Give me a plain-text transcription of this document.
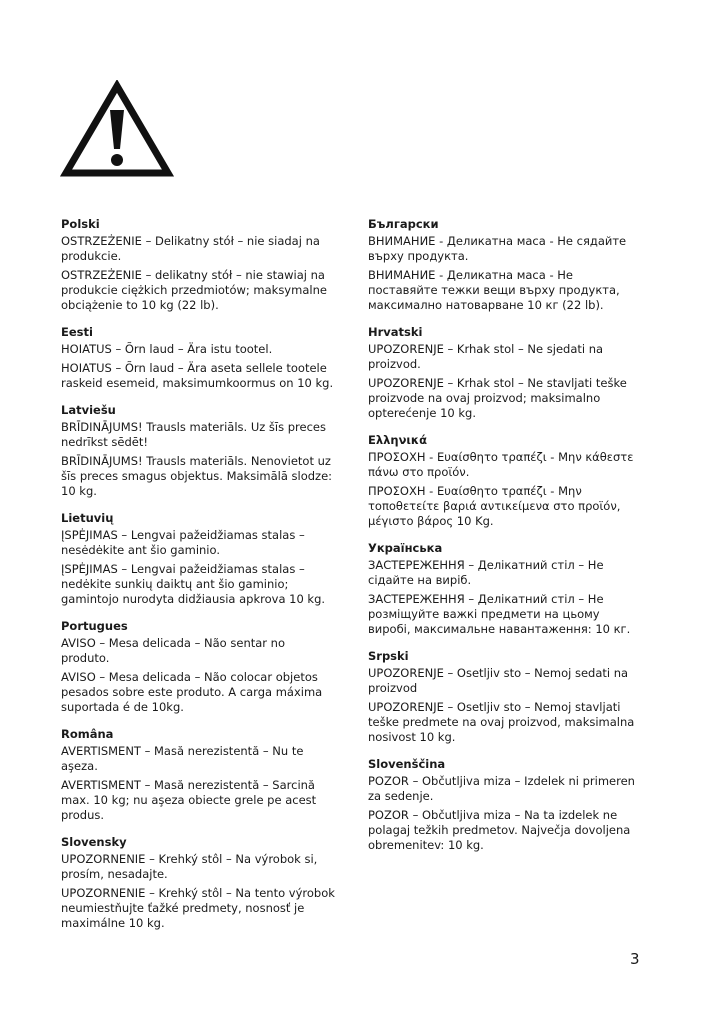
Polski
OSTRZEŻENIE – Delikatny stół – nie siadaj na produkcie.
OSTRZEŻENIE – delikatny stół – nie stawiaj na produkcie ciężkich przedmiotów; maksymalne obciążenie to 10 kg (22 lb).
Eesti
HOIATUS – Õrn laud – Ära istu tootel.
HOIATUS – Õrn laud – Ära aseta sellele tootele raskeid esemeid, maksimumkoormus on 10 kg.
Latviešu
BRĪDINĀJUMS! Trausls materiāls. Uz šīs preces nedrīkst sēdēt!
BRĪDINĀJUMS! Trausls materiāls. Nenovietot uz šīs preces smagus objektus. Maksimālā slodze: 10 kg.
Lietuvių
ĮSPĖJIMAS – Lengvai pažeidžiamas stalas – nesėdėkite ant šio gaminio.
ĮSPĖJIMAS – Lengvai pažeidžiamas stalas – nedėkite sunkių daiktų ant šio gaminio; gamintojo nurodyta didžiausia apkrova 10 kg.
Portugues
AVISO – Mesa delicada – Não sentar no produto.
AVISO – Mesa delicada – Não colocar objetos pesados sobre este produto. A carga máxima suportada é de 10kg.
Româna
AVERTISMENT – Masă nerezistentă – Nu te aşeza.
AVERTISMENT – Masă nerezistentă – Sarcină max. 10 kg; nu aşeza obiecte grele pe acest produs.
Slovensky
UPOZORNENIE – Krehký stôl – Na výrobok si, prosím, nesadajte.
UPOZORNENIE – Krehký stôl – Na tento výrobok neumiestňujte ťažké predmety, nosnosť je maximálne 10 kg.
Български
ВНИМАНИЕ - Деликатна маса - Не сядайте върху продукта.
ВНИМАНИЕ - Деликатна маса - Не поставяйте тежки вещи върху продукта, максимално натоварване 10 кг (22 lb).
Hrvatski
UPOZORENJE – Krhak stol – Ne sjedati na proizvod.
UPOZORENJE – Krhak stol – Ne stavljati teške proizvode na ovaj proizvod; maksimalno opterećenje 10 kg.
Ελληνικά
ΠΡΟΣΟΧΗ - Ευαίσθητο τραπέζι - Μην κάθεστε πάνω στο προϊόν.
ΠΡΟΣΟΧΗ - Ευαίσθητο τραπέζι - Μην τοποθετείτε βαριά αντικείμενα στο προϊόν, μέγιστο βάρος 10 Kg.
Українська
ЗАСТЕРЕЖЕННЯ – Делікатний стіл – Не сідайте на виріб.
ЗАСТЕРЕЖЕННЯ – Делікатний стіл – Не розміщуйте важкі предмети на цьому виробі, максимальне навантаження: 10 кг.
Srpski
UPOZORENJE – Osetljiv sto – Nemoj sedati na proizvod
UPOZORENJE – Osetljiv sto – Nemoj stavljati teške predmete na ovaj proizvod, maksimalna nosivost 10 kg.
Slovenščina
POZOR – Občutljiva miza – Izdelek ni primeren za sedenje.
POZOR – Občutljiva miza – Na ta izdelek ne polagaj težkih predmetov. Največja dovoljena obremenitev: 10 kg.
3
